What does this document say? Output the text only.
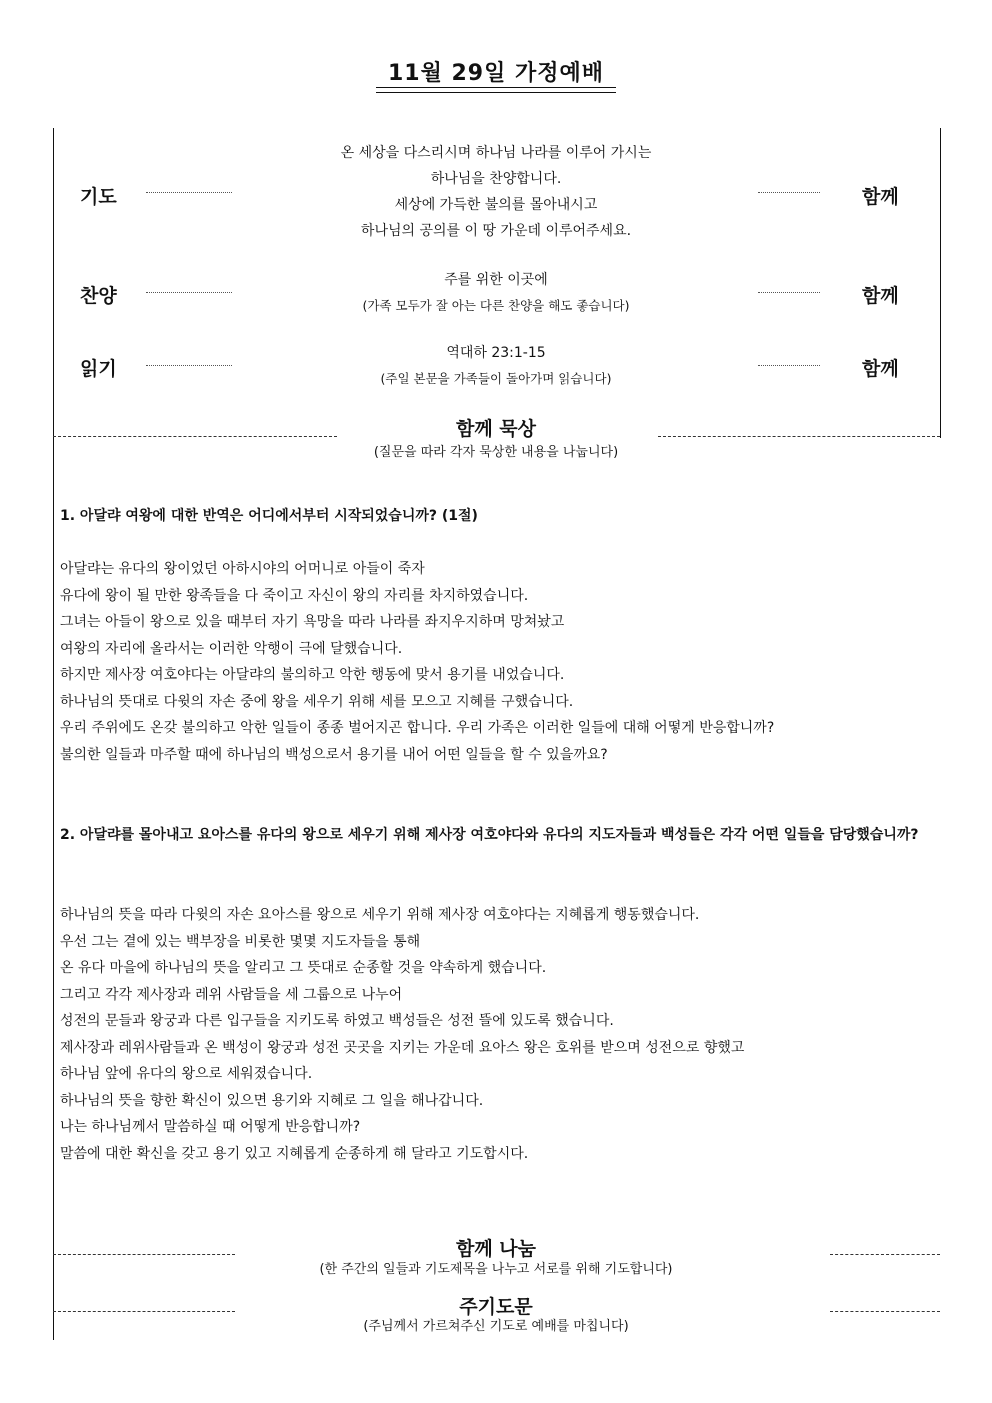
11월 29일 가정예배
기도
온 세상을 다스리시며 하나님 나라를 이루어 가시는
하나님을 찬양합니다.
세상에 가득한 불의를 몰아내시고
하나님의 공의를 이 땅 가운데 이루어주세요.
함께
찬양
주를 위한 이곳에
(가족 모두가 잘 아는 다른 찬양을 해도 좋습니다)	함께
읽기
역대하 23:1-15
(주일 본문을 가족들이 돌아가며 읽습니다)	함께
함께 묵상
(질문을 따라 각자 묵상한 내용을 나눕니다)
1. 아달랴 여왕에 대한 반역은 어디에서부터 시작되었습니까? (1절)
아달랴는 유다의 왕이었던 아하시야의 어머니로 아들이 죽자
유다에 왕이 될 만한 왕족들을 다 죽이고 자신이 왕의 자리를 차지하였습니다.
그녀는 아들이 왕으로 있을 때부터 자기 욕망을 따라 나라를 좌지우지하며 망쳐놨고
여왕의 자리에 올라서는 이러한 악행이 극에 달했습니다.
하지만 제사장 여호야다는 아달랴의 불의하고 악한 행동에 맞서 용기를 내었습니다.
하나님의 뜻대로 다윗의 자손 중에 왕을 세우기 위해 세를 모으고 지혜를 구했습니다.
우리 주위에도 온갖 불의하고 악한 일들이 종종 벌어지곤 합니다. 우리 가족은 이러한 일들에 대해 어떻게 반응합니까?
불의한 일들과 마주할 때에 하나님의 백성으로서 용기를 내어 어떤 일들을 할 수 있을까요?
2. 아달랴를 몰아내고 요아스를 유다의 왕으로 세우기 위해 제사장 여호야다와 유다의 지도자들과 백성들은 각각 어떤 일들을 담당했습니까?
하나님의 뜻을 따라 다윗의 자손 요아스를 왕으로 세우기 위해 제사장 여호야다는 지혜롭게 행동했습니다.
우선 그는 곁에 있는 백부장을 비롯한 몇몇 지도자들을 통해
온 유다 마을에 하나님의 뜻을 알리고 그 뜻대로 순종할 것을 약속하게 했습니다.
그리고 각각 제사장과 레위 사람들을 세 그룹으로 나누어
성전의 문들과 왕궁과 다른 입구들을 지키도록 하였고 백성들은 성전 뜰에 있도록 했습니다.
제사장과 레위사람들과 온 백성이 왕궁과 성전 곳곳을 지키는 가운데 요아스 왕은 호위를 받으며 성전으로 향했고
하나님 앞에 유다의 왕으로 세워졌습니다.
하나님의 뜻을 향한 확신이 있으면 용기와 지혜로 그 일을 해나갑니다.
나는 하나님께서 말씀하실 때 어떻게 반응합니까?
말씀에 대한 확신을 갖고 용기 있고 지혜롭게 순종하게 해 달라고 기도합시다.
함께 나눔
(한 주간의 일들과 기도제목을 나누고 서로를 위해 기도합니다)
주기도문
(주님께서 가르쳐주신 기도로 예배를 마칩니다)
